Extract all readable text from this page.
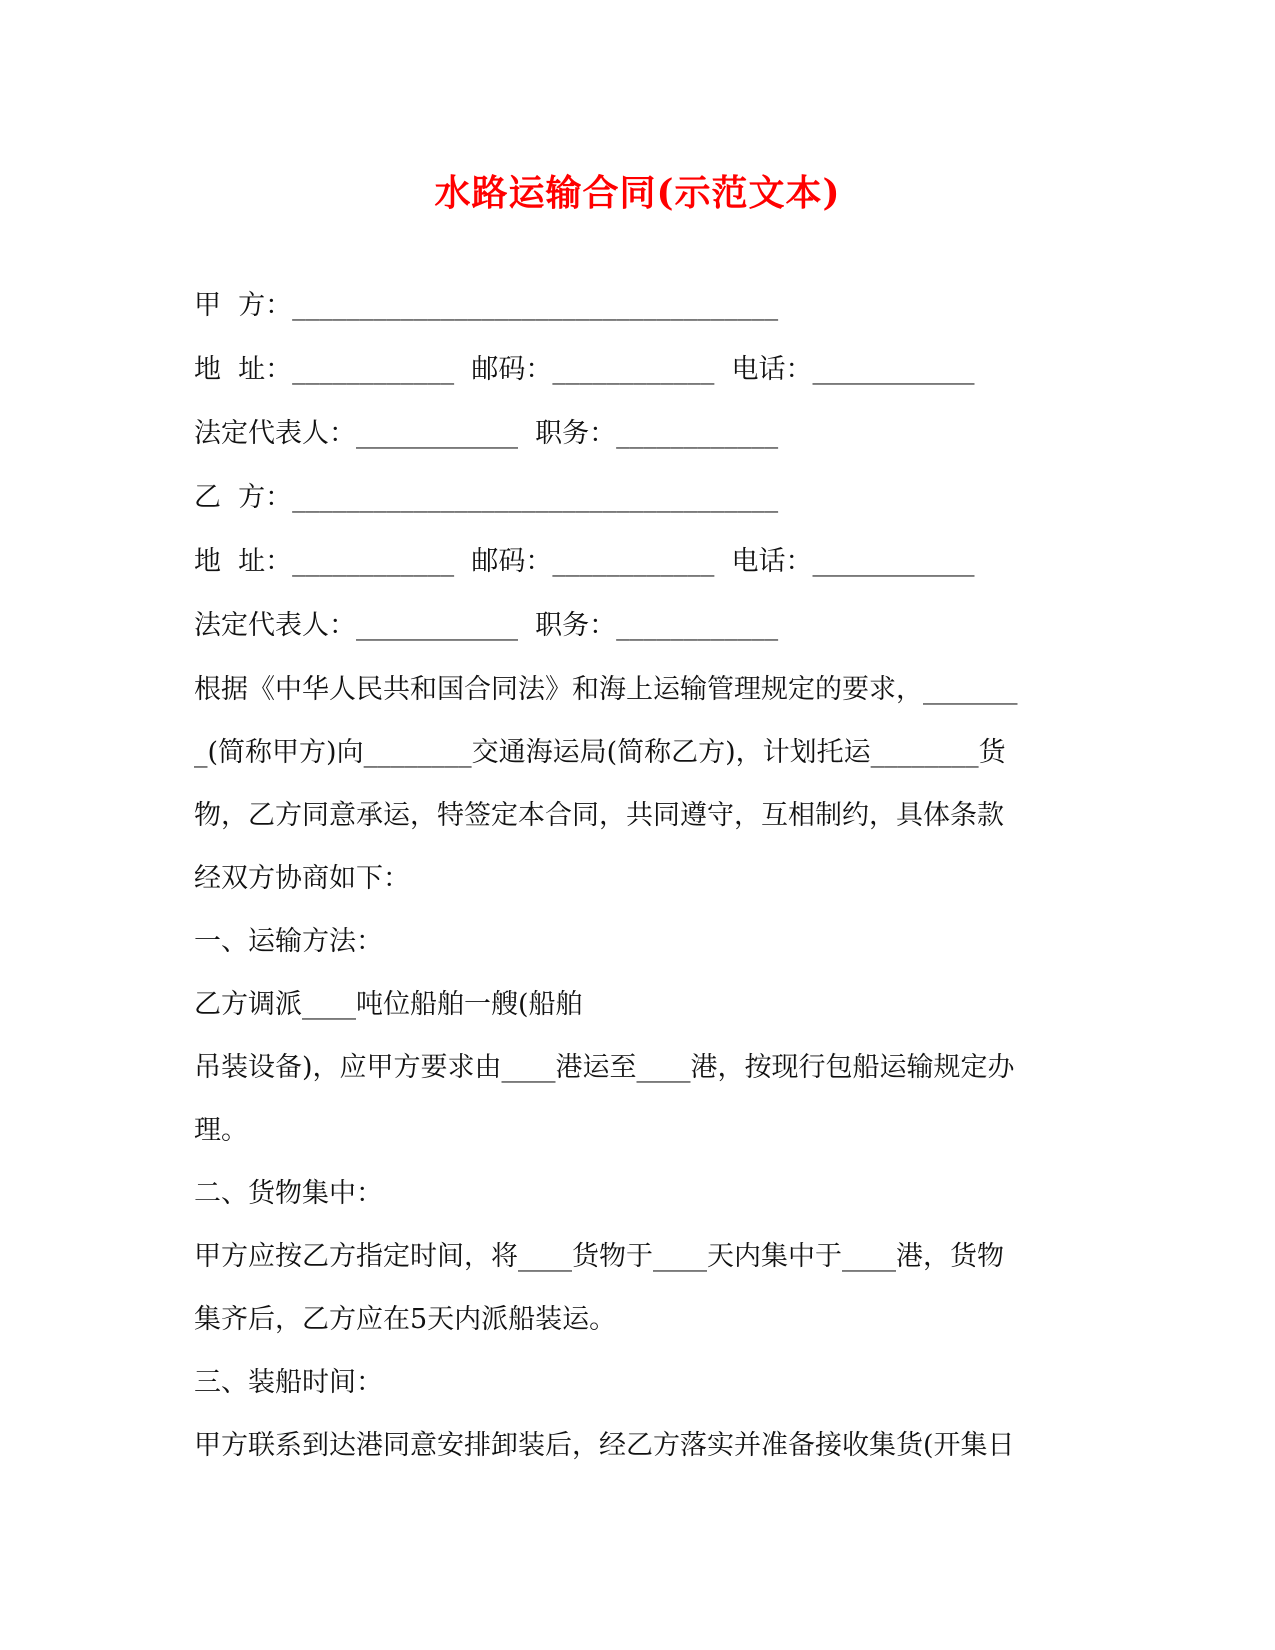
水路运输合同(示范文本)
甲  方：____________________________________
地  址：____________  邮码：____________  电话：____________
法定代表人：____________  职务：____________
乙  方：____________________________________
地  址：____________  邮码：____________  电话：____________
法定代表人：____________  职务：____________
根据《中华人民共和国合同法》和海上运输管理规定的要求，_______
_(简称甲方)向________交通海运局(简称乙方)，计划托运________货
物，乙方同意承运，特签定本合同，共同遵守，互相制约，具体条款
经双方协商如下：
一、运输方法：
乙方调派____吨位船舶一艘(船舶
吊装设备)，应甲方要求由____港运至____港，按现行包船运输规定办
理。
二、货物集中：
甲方应按乙方指定时间，将____货物于____天内集中于____港，货物
集齐后，乙方应在5天内派船装运。
三、装船时间：
甲方联系到达港同意安排卸装后，经乙方落实并准备接收集货(开集日
